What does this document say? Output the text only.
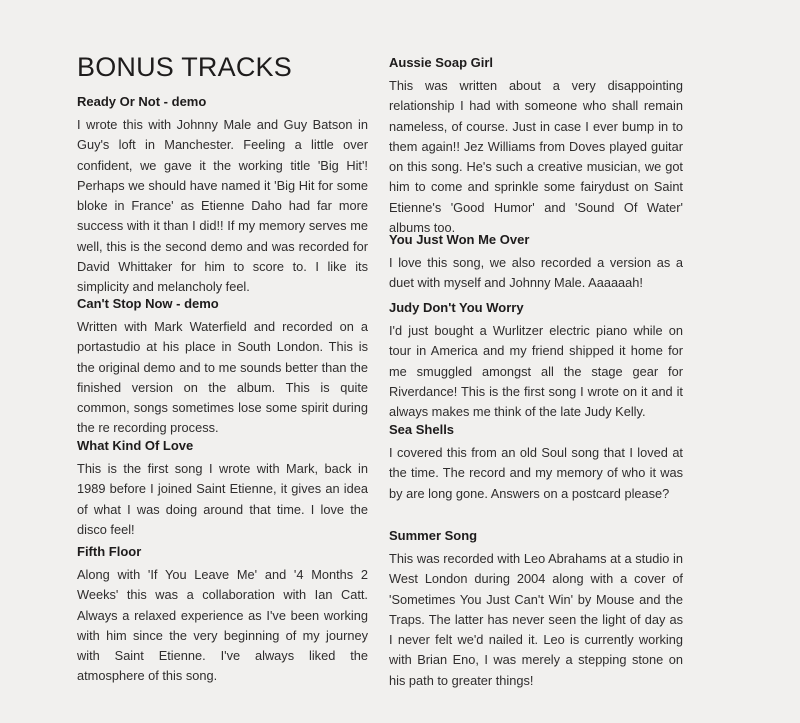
BONUS TRACKS
Ready Or Not - demo

I wrote this with Johnny Male and Guy Batson in Guy's loft in Manchester. Feeling a little over confident, we gave it the working title 'Big Hit'! Perhaps we should have named it 'Big Hit for some bloke in France' as Etienne Daho had far more success with it than I did!! If my memory serves me well, this is the second demo and was recorded for David Whittaker for him to score to. I like its simplicity and melancholy feel.

Can't Stop Now - demo

Written with Mark Waterfield and recorded on a portastudio at his place in South London. This is the original demo and to me sounds better than the finished version on the album. This is quite common, songs sometimes lose some spirit during the re recording process.

What Kind Of Love

This is the first song I wrote with Mark, back in 1989 before I joined Saint Etienne, it gives an idea of what I was doing around that time. I love the disco feel!

Fifth Floor

Along with 'If You Leave Me' and '4 Months 2 Weeks' this was a collaboration with Ian Catt. Always a relaxed experience as I've been working with him since the very beginning of my journey with Saint Etienne. I've always liked the atmosphere of this song.

Aussie Soap Girl

This was written about a very disappointing relationship I had with someone who shall remain nameless, of course. Just in case I ever bump in to them again!! Jez Williams from Doves played guitar on this song. He's such a creative musician, we got him to come and sprinkle some fairydust on Saint Etienne's 'Good Humor' and 'Sound Of Water' albums too.

You Just Won Me Over

I love this song, we also recorded a version as a duet with myself and Johnny Male. Aaaaaah!

Judy Don't You Worry

I'd just bought a Wurlitzer electric piano while on tour in America and my friend shipped it home for me smuggled amongst all the stage gear for Riverdance! This is the first song I wrote on it and it always makes me think of the late Judy Kelly.

Sea Shells

I covered this from an old Soul song that I loved at the time. The record and my memory of who it was by are long gone. Answers on a postcard please?

Summer Song

This was recorded with Leo Abrahams at a studio in West London during 2004 along with a cover of 'Sometimes You Just Can't Win' by Mouse and the Traps. The latter has never seen the light of day as I never felt we'd nailed it. Leo is currently working with Brian Eno, I was merely a stepping stone on his path to greater things!
